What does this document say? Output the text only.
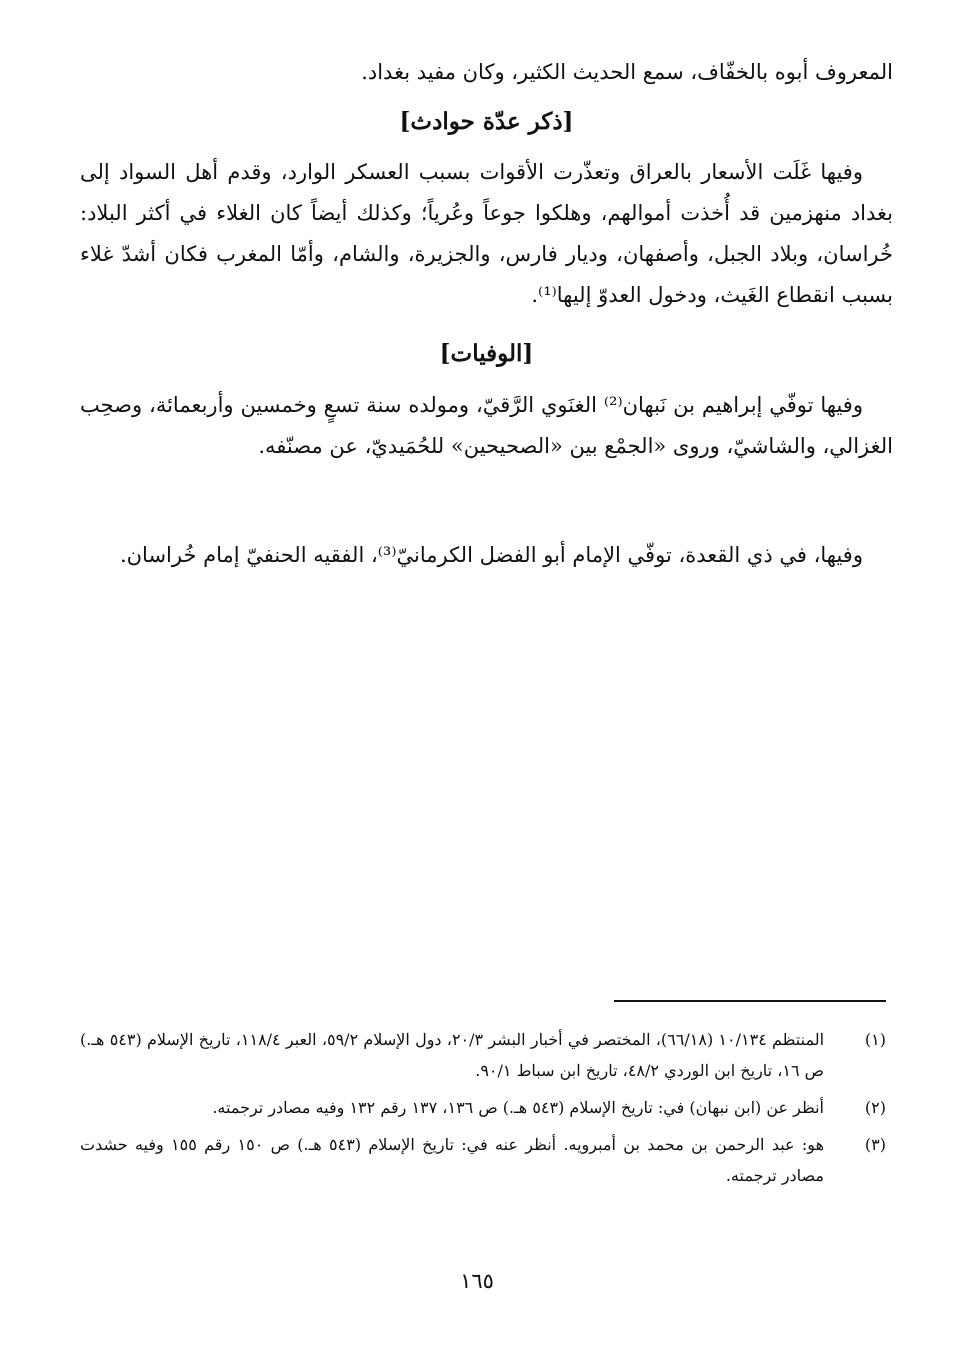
المعروف أبوه بالخفّاف، سمع الحديث الكثير، وكان مفيد بغداد.
[ذكر عدّة حوادث]
وفيها غَلَت الأسعار بالعراق وتعذّرت الأقوات بسبب العسكر الوارد، وقدم أهل السواد إلى بغداد منهزمين قد أُخذت أموالهم، وهلكوا جوعاً وعُرياً؛ وكذلك أيضاً كان الغلاء في أكثر البلاد: خُراسان، وبلاد الجبل، وأصفهان، وديار فارس، والجزيرة، والشام، وأمّا المغرب فكان أشدّ غلاء بسبب انقطاع الغَيث، ودخول العدوّ إليها⁽¹⁾.
[الوفيات]
وفيها توفّي إبراهيم بن نَبهان⁽²⁾ الغنَوي الرَّقيّ، ومولده سنة تسعٍ وخمسين وأربعمائة، وصحِب الغزالي، والشاشيّ، وروى «الجمْع بين «الصحيحين» للحُمَيديّ، عن مصنّفه.
وفيها، في ذي القعدة، توفّي الإمام أبو الفضل الكرمانيّ⁽³⁾، الفقيه الحنفيّ إمام خُراسان.
(١)
المنتظم ١٠/١٣٤ (٦٦/١٨)، المختصر في أخبار البشر ٢٠/٣، دول الإسلام ٥٩/٢، العبر ١١٨/٤، تاريخ الإسلام (٥٤٣ هـ.) ص ١٦، تاريخ ابن الوردي ٤٨/٢، تاريخ ابن سباط ٩٠/١.
(٢)
أنظر عن (ابن نبهان) في: تاريخ الإسلام (٥٤٣ هـ.) ص ١٣٦، ١٣٧ رقم ١٣٢ وفيه مصادر ترجمته.
(٣)
هو: عبد الرحمن بن محمد بن أمبرويه. أنظر عنه في: تاريخ الإسلام (٥٤٣ هـ.) ص ١٥٠ رقم ١٥٥ وفيه حشدت مصادر ترجمته.
١٦٥
